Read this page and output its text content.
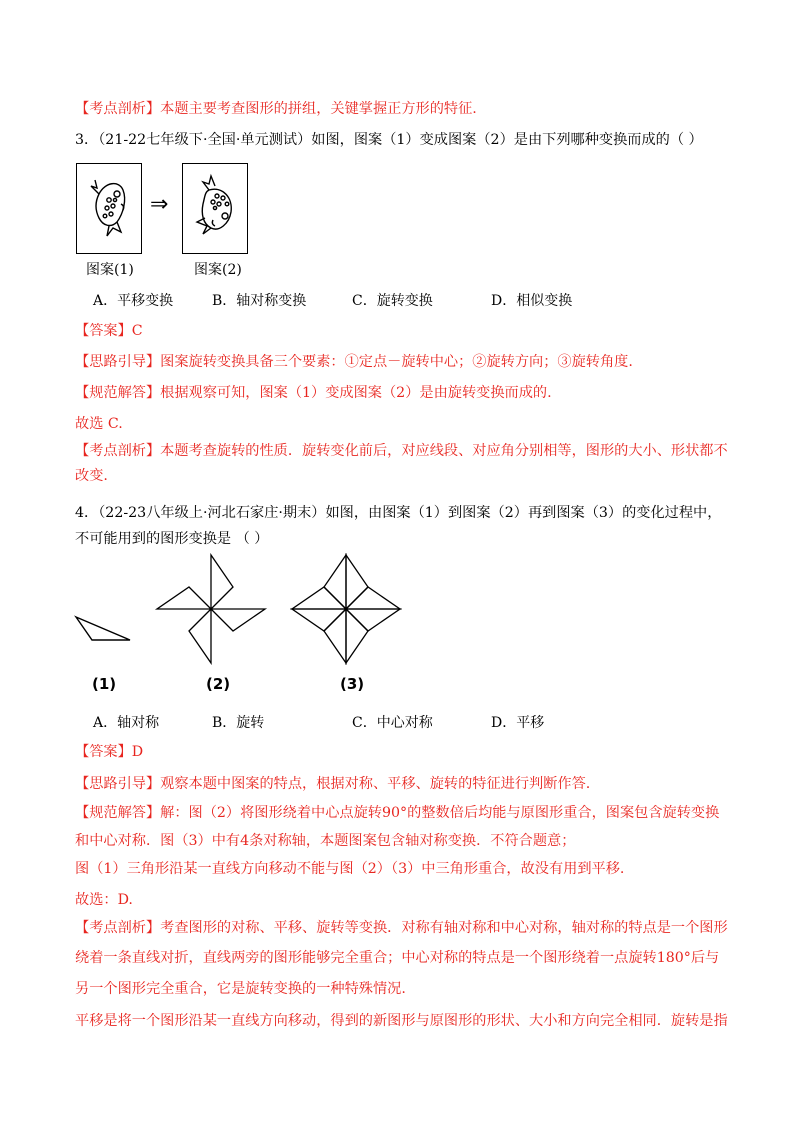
【考点剖析】本题主要考查图形的拼组，关键掌握正方形的特征.
3．（21-22七年级下·全国·单元测试）如图，图案（1）变成图案（2）是由下列哪种变换而成的（ ）
⇒
图案(1)	图案(2)
A．平移变换	B．轴对称变换	C．旋转变换	D．相似变换
【答案】C
【思路引导】图案旋转变换具备三个要素：①定点－旋转中心；②旋转方向；③旋转角度.
【规范解答】根据观察可知，图案（1）变成图案（2）是由旋转变换而成的.
故选 C.
【考点剖析】本题考查旋转的性质．旋转变化前后，对应线段、对应角分别相等，图形的大小、形状都不
改变.
4．（22-23八年级上·河北石家庄·期末）如图，由图案（1）到图案（2）再到图案（3）的变化过程中，
不可能用到的图形变换是 （ ）
(1)	(2)	(3)
A．轴对称	B．旋转	C．中心对称	D．平移
【答案】D
【思路引导】观察本题中图案的特点，根据对称、平移、旋转的特征进行判断作答.
【规范解答】解：图（2）将图形绕着中心点旋转90°的整数倍后均能与原图形重合，图案包含旋转变换
和中心对称．图（3）中有4条对称轴，本题图案包含轴对称变换．不符合题意；
图（1）三角形沿某一直线方向移动不能与图（2）（3）中三角形重合，故没有用到平移.
故选：D.
【考点剖析】考查图形的对称、平移、旋转等变换．对称有轴对称和中心对称，轴对称的特点是一个图形
绕着一条直线对折，直线两旁的图形能够完全重合；中心对称的特点是一个图形绕着一点旋转180°后与
另一个图形完全重合，它是旋转变换的一种特殊情况.
平移是将一个图形沿某一直线方向移动，得到的新图形与原图形的形状、大小和方向完全相同．旋转是指
